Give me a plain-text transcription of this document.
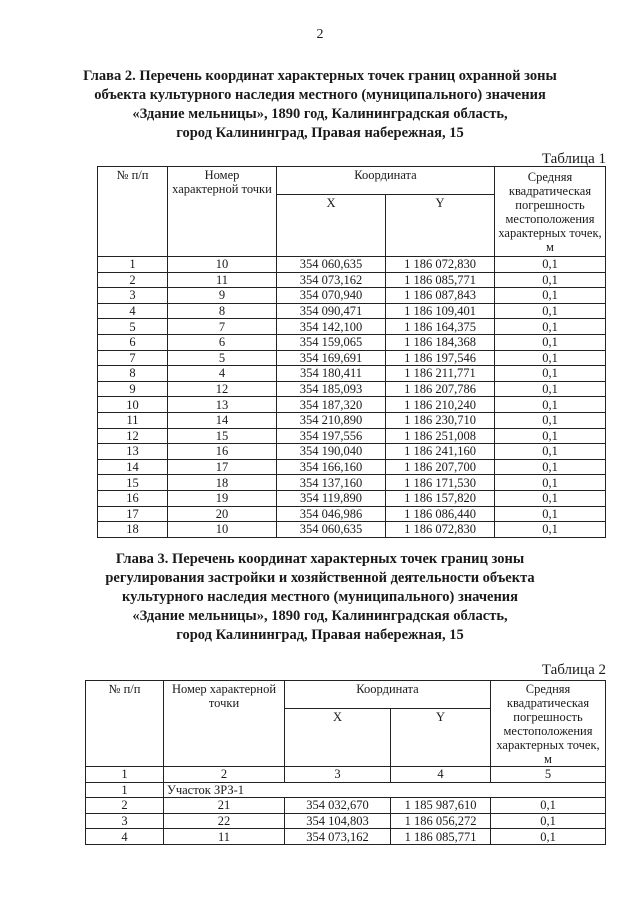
2
Глава 2. Перечень координат характерных точек границ охранной зоны
объекта культурного наследия местного (муниципального) значения
«Здание мельницы», 1890 год, Калининградская область,
город Калининград, Правая набережная, 15
Таблица 1
№ п/п	Номер характерной точки	Координата		Средняя квадратическая погрешность местоположения характерных точек, м
		X	Y	
1	10	354 060,635	1 186 072,830	0,1
2	11	354 073,162	1 186 085,771	0,1
3	9	354 070,940	1 186 087,843	0,1
4	8	354 090,471	1 186 109,401	0,1
5	7	354 142,100	1 186 164,375	0,1
6	6	354 159,065	1 186 184,368	0,1
7	5	354 169,691	1 186 197,546	0,1
8	4	354 180,411	1 186 211,771	0,1
9	12	354 185,093	1 186 207,786	0,1
10	13	354 187,320	1 186 210,240	0,1
11	14	354 210,890	1 186 230,710	0,1
12	15	354 197,556	1 186 251,008	0,1
13	16	354 190,040	1 186 241,160	0,1
14	17	354 166,160	1 186 207,700	0,1
15	18	354 137,160	1 186 171,530	0,1
16	19	354 119,890	1 186 157,820	0,1
17	20	354 046,986	1 186 086,440	0,1
18	10	354 060,635	1 186 072,830	0,1
Глава 3. Перечень координат характерных точек границ зоны
регулирования застройки и хозяйственной деятельности объекта
культурного наследия местного (муниципального) значения
«Здание мельницы», 1890 год, Калининградская область,
город Калининград, Правая набережная, 15
Таблица 2
№ п/п	Номер характерной точки	Координата		Средняя квадратическая погрешность местоположения характерных точек, м
		X	Y	
1	2	3	4	5
1	Участок ЗРЗ-1			
2	21	354 032,670	1 185 987,610	0,1
3	22	354 104,803	1 186 056,272	0,1
4	11	354 073,162	1 186 085,771	0,1
